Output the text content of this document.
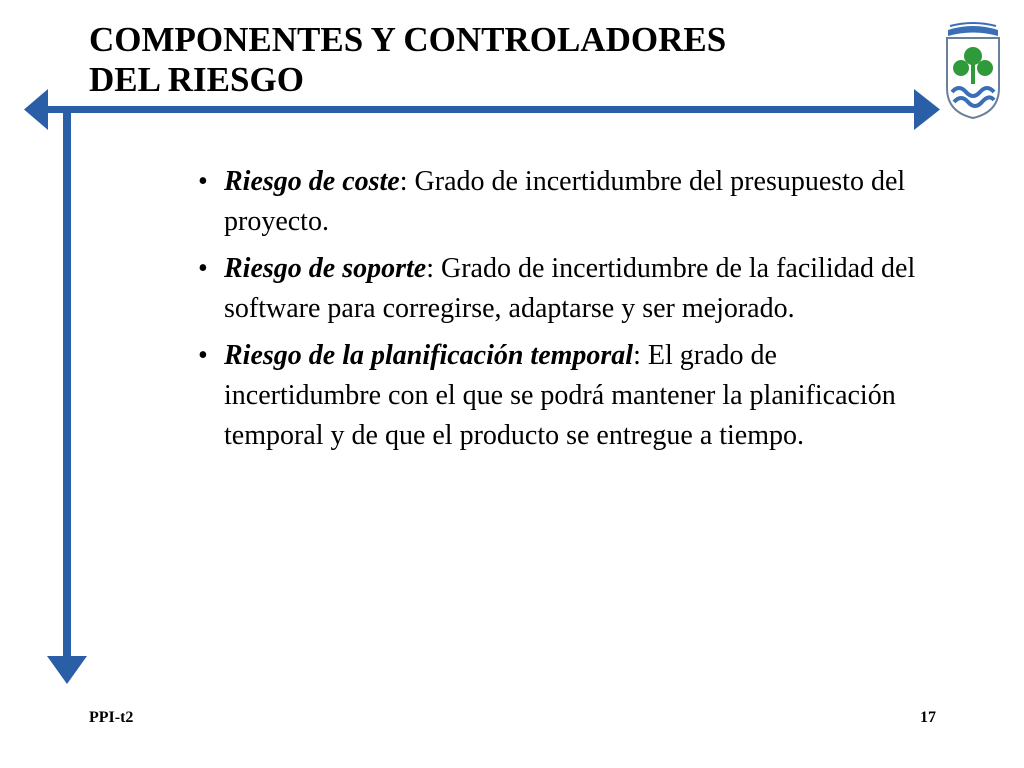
COMPONENTES Y CONTROLADORES
DEL RIESGO
• Riesgo de coste: Grado de incertidumbre del presupuesto del proyecto.
• Riesgo de soporte: Grado de incertidumbre de la facilidad del software para corregirse, adaptarse y ser mejorado.
• Riesgo de la planificación temporal: El grado de incertidumbre con el que se podrá mantener la planificación temporal y de que el producto se entregue a tiempo.
PPI-t2	17
